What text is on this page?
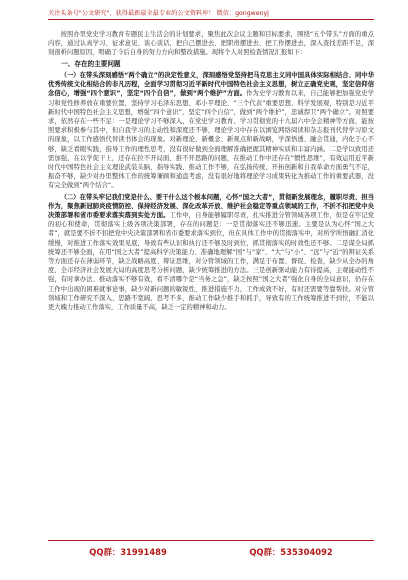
关注头条号"公文研究"，获得最新最全最专业的公文资料库！ 微信：gongwenyj

按照办里党史学习教育专题民主生活会的计划要求，聚焦此次会议主题和目标要求，围绕“五个带头”方面的重点内容，通过认真学习、征求意见、谈心谈话，把自己摆进去、把职责摆进去、把工作摆进去，深入查找差距不足，深刻剖析问题原因，明确了今后自身的努力方向和整改措施。现将个人对照检查情况汇报如下：

一、存在的主要问题

（一）在带头深刻感悟“两个确立”的决定性意义，深刻感悟党坚持把马克思主义同中国具体实际相结合、同中华优秀传统文化相结合的非凡历程，全面学习贯彻习近平新时代中国特色社会主义思想，树立正确党史观，坚定信仰信念信心，增强“四个意识”，坚定“四个自信”，做到“两个维护”方面。作为史学习教育以来，自己能够把加强党史学习和党性修养放在重要位置，坚持学习毛泽东思想、邓小平理论、“三个代表”重要思想、科学发展观，特别是习近平新时代中国特色社会主义思想，增强“四个意识”，坚定“四个自信”，做到“两个维护”，忠诚捍卫“两个确立”。对照要求，依然存在一些不足：一是理论学习不够深入，在党史学习教育、学习贯彻党的十九届六中全会精神等方面，能按照要求积极参与其中，但自我学习的主动性和深度还不够，理论学习中存在以浏览网络阅读和杂志报刊代替学习原文的现象，以工作感悟代替读书体会的现象。对新理论、新概念、新观点和新战略，学深悟透、融会贯通，内化于心不够，缺乏看眼实践，指导工作的理性思考，没有很好做到全面理解准确把握其精神实质和丰富内涵。二是学以致用还需加强，在以学促干上，还存在拉不开局面、推不开思路的问题，在推动工作中还存在“惯性思维”，有效运用近平新时代中国特色社会主义理论武装头脑、指导实践、推动工作不够，在弘扬传统、开拓创新和自我革命方面勇气不足，振奋不够，缺少对办里整体工作的统筹兼顾和通盘考虑，没有很好地将理论学习成果转化为推动工作的重要武器，没有完全做到“两个结合”。

（二）在带头牢记我们党是什么、要干什么这个根本问题，心怀“国之大者”，贯彻新发展理念，履职尽责、担当作为，聚焦新冠肺炎疫情防控、保持经济发展、深化改革开放、维护社会稳定等重点领域的工作，不折不扣把党中央决策部署和省市委要求落实落到实处方面。工作中，自身能够履职尽责，扎实推进分管领域各项工作，但是在牢记党的初心和使命，贯彻落实上级各项决策部署，存在的问题是：一是贯彻落实还不够迅速。主要是认为心怀“国之大者”，就是要不折不扣把党中央决策部署和省市委要求落实到位，但在具体工作中的贯彻落实中，对所学所悟融汇消化缓慢，对推进工作落实效果见底，导致有些认识和执行还不够及时到位，抓贯彻落实的时效性还不够。二是谋全局抓统筹还不够全面，在用“国之大者”提高科学决策能力、准确地理解“国”与“家”、“大”与“小”、“远”与“近”的辩证关系等方面还存在薄弱环节，缺乏战略高度、辩证思维，对分管领域的工作，满足于布置、督促、检查，缺少从全办的角度，全市经济社会发展大局的高度思考分析问题，缺少统筹推进的方法。三是创新驱动能力有待提高，主观能动性不强，有时拿办法、推动落实不够有效，看不清哪个是“当务之急”，缺乏按照“国之大者”强化自身的全局意识，仍存在工作中出现的困难就事论事，缺少对新问题的敏锐性，推进措施不力，工作成效不好，有时还需要等靠帮扶。对分管领域和工作研究不深入、思路不宽阔、思考不多，推动工作缺少推手和抓手，导致有的工作统筹推进不到位，不能以更大魄力推动工作落实，工作质量不高，缺乏一定的精神和动力。

QQ群：31991489	QQ群：535304092
